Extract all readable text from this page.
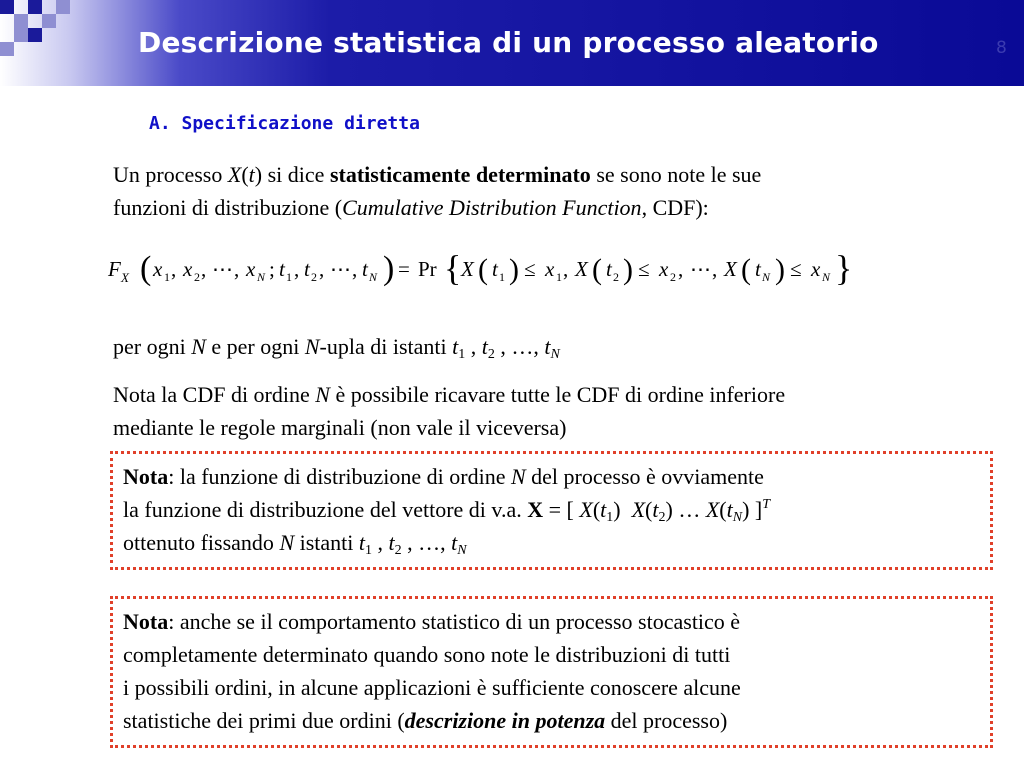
Descrizione statistica di un processo aleatorio	8
A. Specificazione diretta
Un processo X(t) si dice statisticamente determinato se sono note le sue
funzioni di distribuzione (Cumulative Distribution Function, CDF):
F X ( x 1 , x 2 , ⋯ , x N ; t 1 , t 2 , ⋯ , t N ) = Pr { X ( t 1 ) ≤ x 1 , X ( t 2 ) ≤ x 2 , ⋯ , X ( t N ) ≤ x N }
per ogni N e per ogni N-upla di istanti $t_1$ , $t_2$ , …, $t_N$
Nota la CDF di ordine N è possibile ricavare tutte le CDF di ordine inferiore
mediante le regole marginali (non vale il viceversa)
Nota: la funzione di distribuzione di ordine N del processo è ovviamente
la funzione di distribuzione del vettore di v.a. X = [ $X(t_1)$  $X(t_2)$ … $X(t_N)$ ]$^T$
ottenuto fissando N istanti $t_1$ , $t_2$ , …, $t_N$
Nota: anche se il comportamento statistico di un processo stocastico è
completamente determinato quando sono note le distribuzioni di tutti
i possibili ordini, in alcune applicazioni è sufficiente conoscere alcune
statistiche dei primi due ordini (descrizione in potenza del processo)
